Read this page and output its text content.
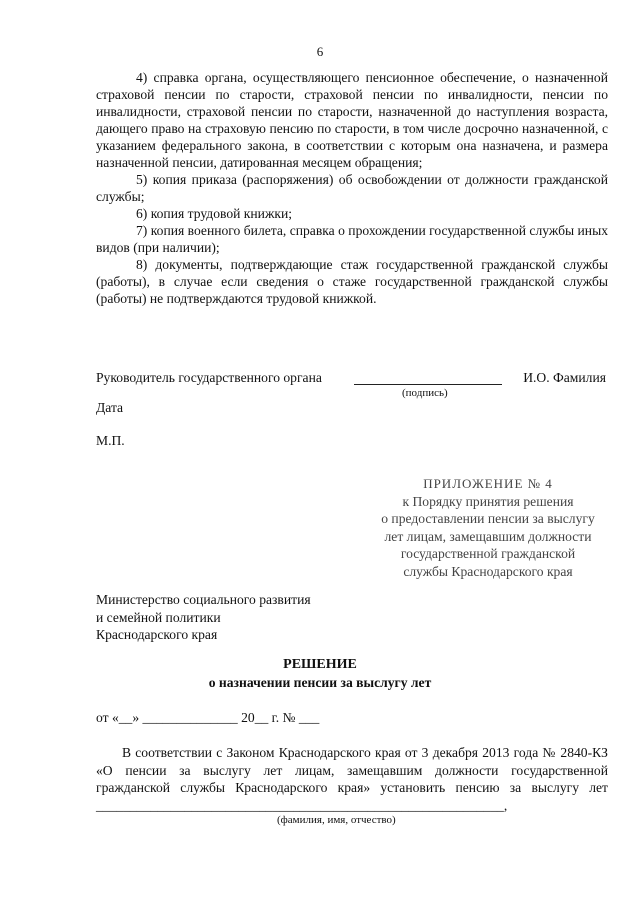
6

4) справка органа, осуществляющего пенсионное обеспечение, о назначенной страховой пенсии по старости, страховой пенсии по инвалидности, пенсии по инвалидности, страховой пенсии по старости, назначенной до наступления возраста, дающего право на страховую пенсию по старости, в том числе досрочно назначенной, с указанием федерального закона, в соответствии с которым она назначена, и размера назначенной пенсии, датированная месяцем обращения;

5) копия приказа (распоряжения) об освобождении от должности гражданской службы;

6) копия трудовой книжки;

7) копия военного билета, справка о прохождении государственной службы иных видов (при наличии);

8) документы, подтверждающие стаж государственной гражданской службы (работы), в случае если сведения о стаже государственной гражданской службы (работы) не подтверждаются трудовой книжкой.

Руководитель государственного органа	И.О. Фамилия
(подпись)
Дата
М.П.
ПРИЛОЖЕНИЕ № 4
к Порядку принятия решения
о предоставлении пенсии за выслугу
лет лицам, замещавшим должности
государственной гражданской
службы Краснодарского края
Министерство социального развития
и семейной политики
Краснодарского края
РЕШЕНИЕ
о назначении пенсии за выслугу лет
от «__» ______________ 20__ г. № ___

В соответствии с Законом Краснодарского края от 3 декабря 2013 года № 2840-КЗ «О пенсии за выслугу лет лицам, замещавшим должности государственной гражданской службы Краснодарского края» установить пенсию за выслугу лет ____________________________________________________________,

(фамилия, имя, отчество)
